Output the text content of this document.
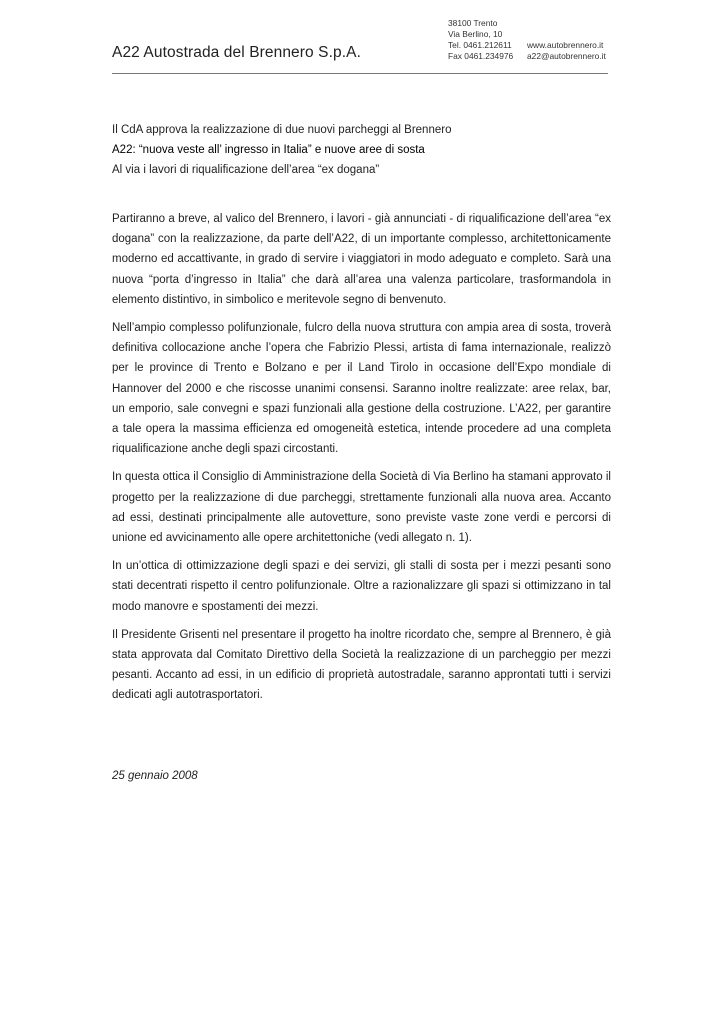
A22 Autostrada del Brennero S.p.A.
38100 Trento
Via Berlino, 10
Tel. 0461.212611
Fax 0461.234976
www.autobrennero.it
a22@autobrennero.it
Il CdA approva la realizzazione di due nuovi parcheggi al Brennero
A22: “nuova veste all’ ingresso in Italia” e nuove aree di sosta
Al via i lavori di riqualificazione dell’area “ex dogana”

Partiranno a breve, al valico del Brennero, i lavori - già annunciati - di riqualificazione dell’area “ex dogana” con la realizzazione, da parte dell’A22, di un importante complesso, architettonicamente moderno ed accattivante, in grado di servire i viaggiatori in modo adeguato e completo. Sarà una nuova “porta d’ingresso in Italia” che darà all’area una valenza particolare, trasformandola in elemento distintivo, in simbolico e meritevole segno di benvenuto.

Nell’ampio complesso polifunzionale, fulcro della nuova struttura con ampia area di sosta, troverà definitiva collocazione anche l’opera che Fabrizio Plessi, artista di fama internazionale, realizzò per le province di Trento e Bolzano e per il Land Tirolo in occasione dell’Expo mondiale di Hannover del 2000 e che riscosse unanimi consensi. Saranno inoltre realizzate: aree relax, bar, un emporio, sale convegni e spazi funzionali alla gestione della costruzione. L’A22, per garantire a tale opera la massima efficienza ed omogeneità estetica, intende procedere ad una completa riqualificazione anche degli spazi circostanti.

In questa ottica il Consiglio di Amministrazione della Società di Via Berlino ha stamani approvato il progetto per la realizzazione di due parcheggi, strettamente funzionali alla nuova area. Accanto ad essi, destinati principalmente alle autovetture, sono previste vaste zone verdi e percorsi di unione ed avvicinamento alle opere architettoniche (vedi allegato n. 1).

In un’ottica di ottimizzazione degli spazi e dei servizi, gli stalli di sosta per i mezzi pesanti sono stati decentrati rispetto il centro polifunzionale. Oltre a razionalizzare gli spazi si ottimizzano in tal modo manovre e spostamenti dei mezzi.

Il Presidente Grisenti nel presentare il progetto ha inoltre ricordato che, sempre al Brennero, è già stata approvata dal Comitato Direttivo della Società la realizzazione di un parcheggio per mezzi pesanti. Accanto ad essi, in un edificio di proprietà autostradale, saranno approntati tutti i servizi dedicati agli autotrasportatori.

25 gennaio 2008
